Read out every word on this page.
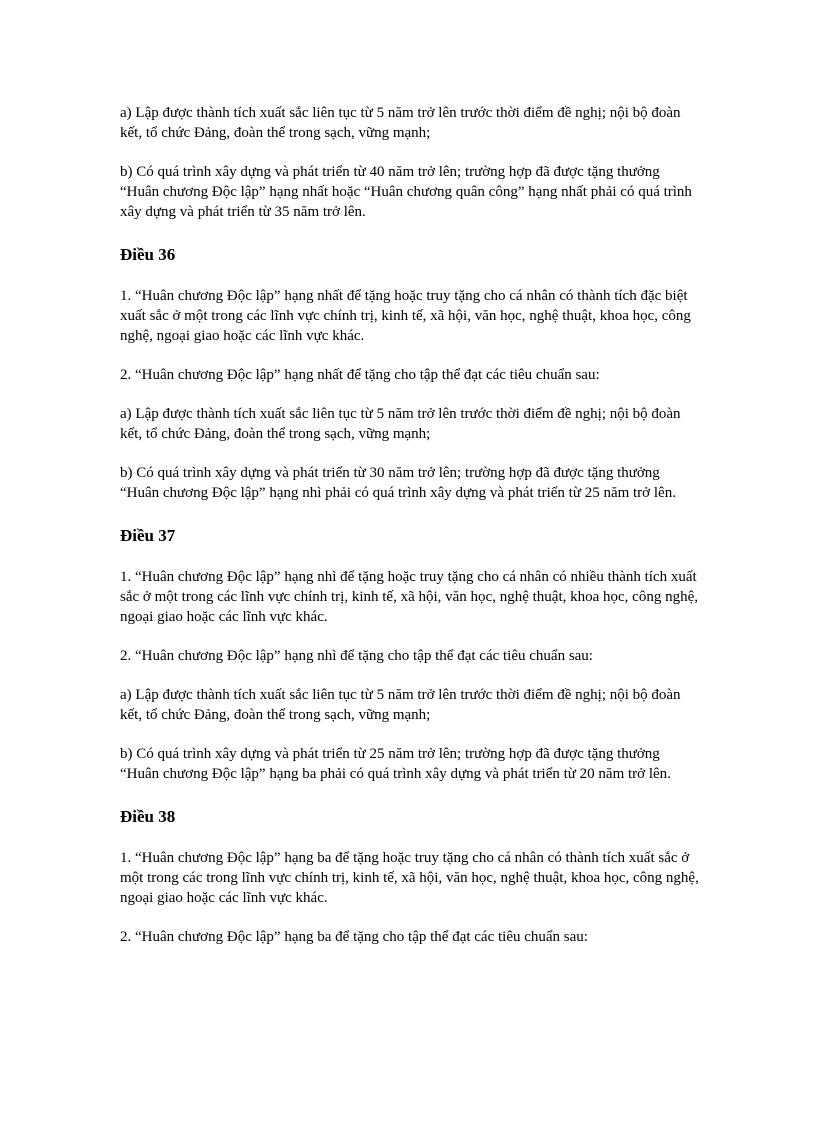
a) Lập được thành tích xuất sắc liên tục từ 5 năm trở lên trước thời điểm đề nghị; nội bộ đoàn kết, tổ chức Đảng, đoàn thể trong sạch, vững mạnh;

b) Có quá trình xây dựng và phát triển từ 40 năm trở lên; trường hợp đã được tặng thưởng “Huân chương Độc lập” hạng nhất hoặc “Huân chương quân công” hạng nhất phải có quá trình xây dựng và phát triển từ 35 năm trở lên.

Điều 36

1. “Huân chương Độc lập” hạng nhất để tặng hoặc truy tặng cho cá nhân có thành tích đặc biệt xuất sắc ở một trong các lĩnh vực chính trị, kinh tế, xã hội, văn học, nghệ thuật, khoa học, công nghệ, ngoại giao hoặc các lĩnh vực khác.

2. “Huân chương Độc lập” hạng nhất để tặng cho tập thể đạt các tiêu chuẩn sau:

a) Lập được thành tích xuất sắc liên tục từ 5 năm trở lên trước thời điểm đề nghị; nội bộ đoàn kết, tổ chức Đảng, đoàn thể trong sạch, vững mạnh;

b) Có quá trình xây dựng và phát triển từ 30 năm trở lên; trường hợp đã được tặng thưởng “Huân chương Độc lập” hạng nhì phải có quá trình xây dựng và phát triển từ 25 năm trở lên.

Điều 37

1. “Huân chương Độc lập” hạng nhì để tặng hoặc truy tặng cho cá nhân có nhiều thành tích xuất sắc ở một trong các lĩnh vực chính trị, kinh tế, xã hội, văn học, nghệ thuật, khoa học, công nghệ, ngoại giao hoặc các lĩnh vực khác.

2. “Huân chương Độc lập” hạng nhì để tặng cho tập thể đạt các tiêu chuẩn sau:

a) Lập được thành tích xuất sắc liên tục từ 5 năm trở lên trước thời điểm đề nghị; nội bộ đoàn kết, tổ chức Đảng, đoàn thể trong sạch, vững mạnh;

b) Có quá trình xây dựng và phát triển từ 25 năm trở lên; trường hợp đã được tặng thưởng “Huân chương Độc lập” hạng ba phải có quá trình xây dựng và phát triển từ 20 năm trở lên.

Điều 38

1. “Huân chương Độc lập” hạng ba để tặng hoặc truy tặng cho cá nhân có thành tích xuất sắc ở một trong các trong lĩnh vực chính trị, kinh tế, xã hội, văn học, nghệ thuật, khoa học, công nghệ, ngoại giao hoặc các lĩnh vực khác.

2. “Huân chương Độc lập” hạng ba để tặng cho tập thể đạt các tiêu chuẩn sau:
